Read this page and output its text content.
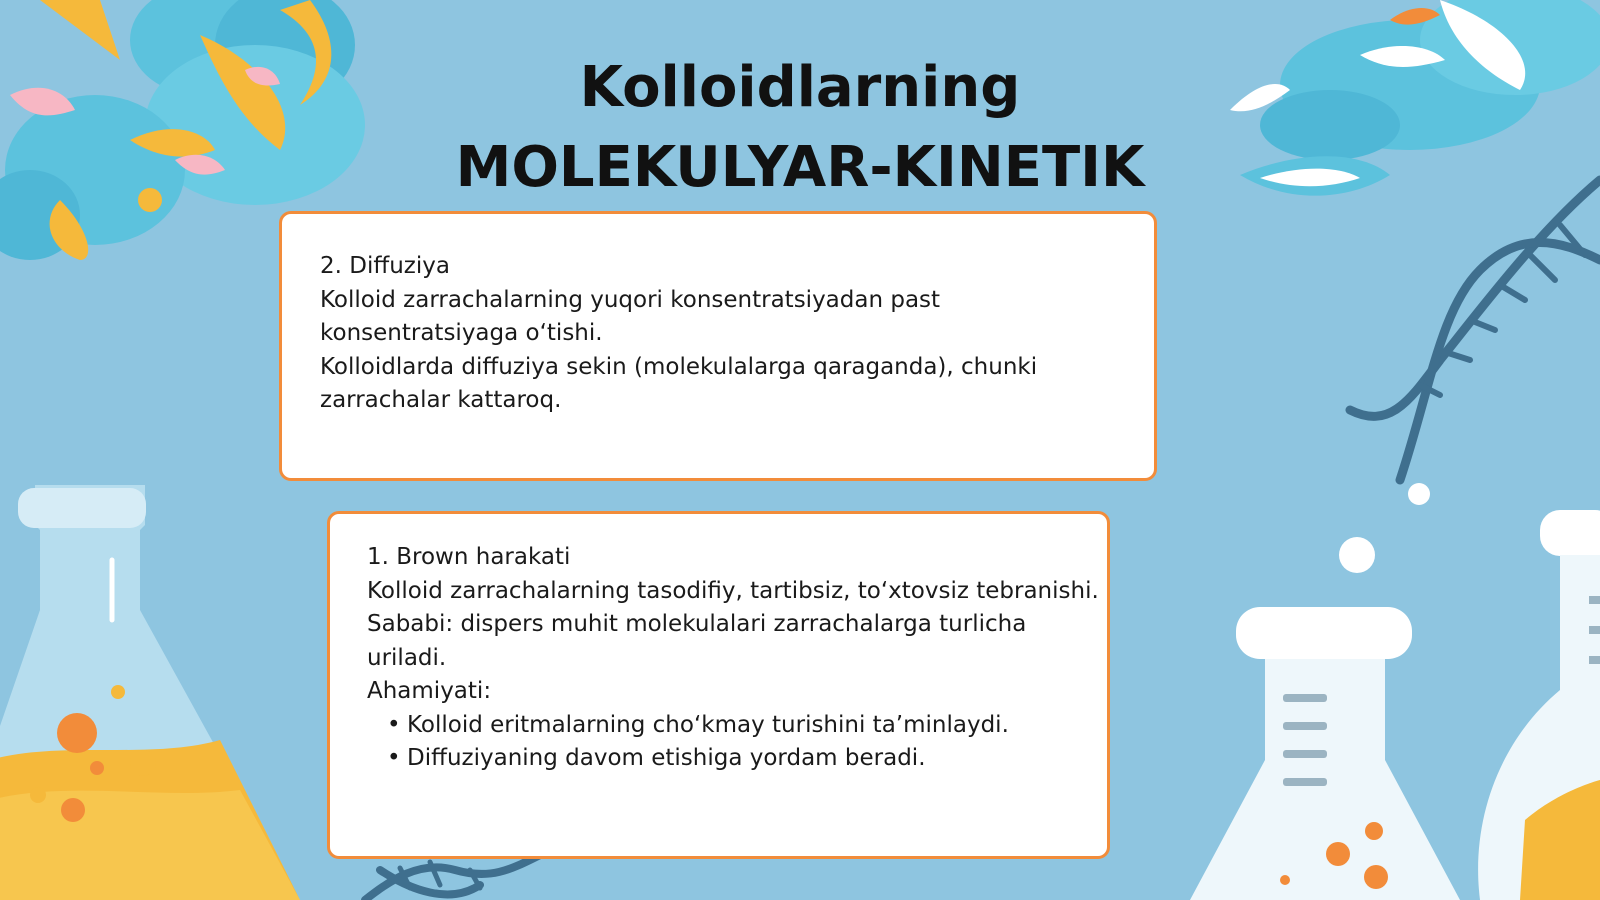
Kolloidlarning MOLEKULYAR-KINETIK

2. Diffuziya

Kolloid zarrachalarning yuqori konsentratsiyadan past konsentratsiyaga o‘tishi.

Kolloidlarda diffuziya sekin (molekulalarga qaraganda), chunki zarrachalar kattaroq.

1. Brown harakati

Kolloid zarrachalarning tasodifiy, tartibsiz, to‘xtovsiz tebranishi.

Sababi: dispers muhit molekulalari zarrachalarga turlicha uriladi.

Ahamiyati:

• Kolloid eritmalarning cho‘kmay turishini ta’minlaydi.
• Diffuziyaning davom etishiga yordam beradi.
